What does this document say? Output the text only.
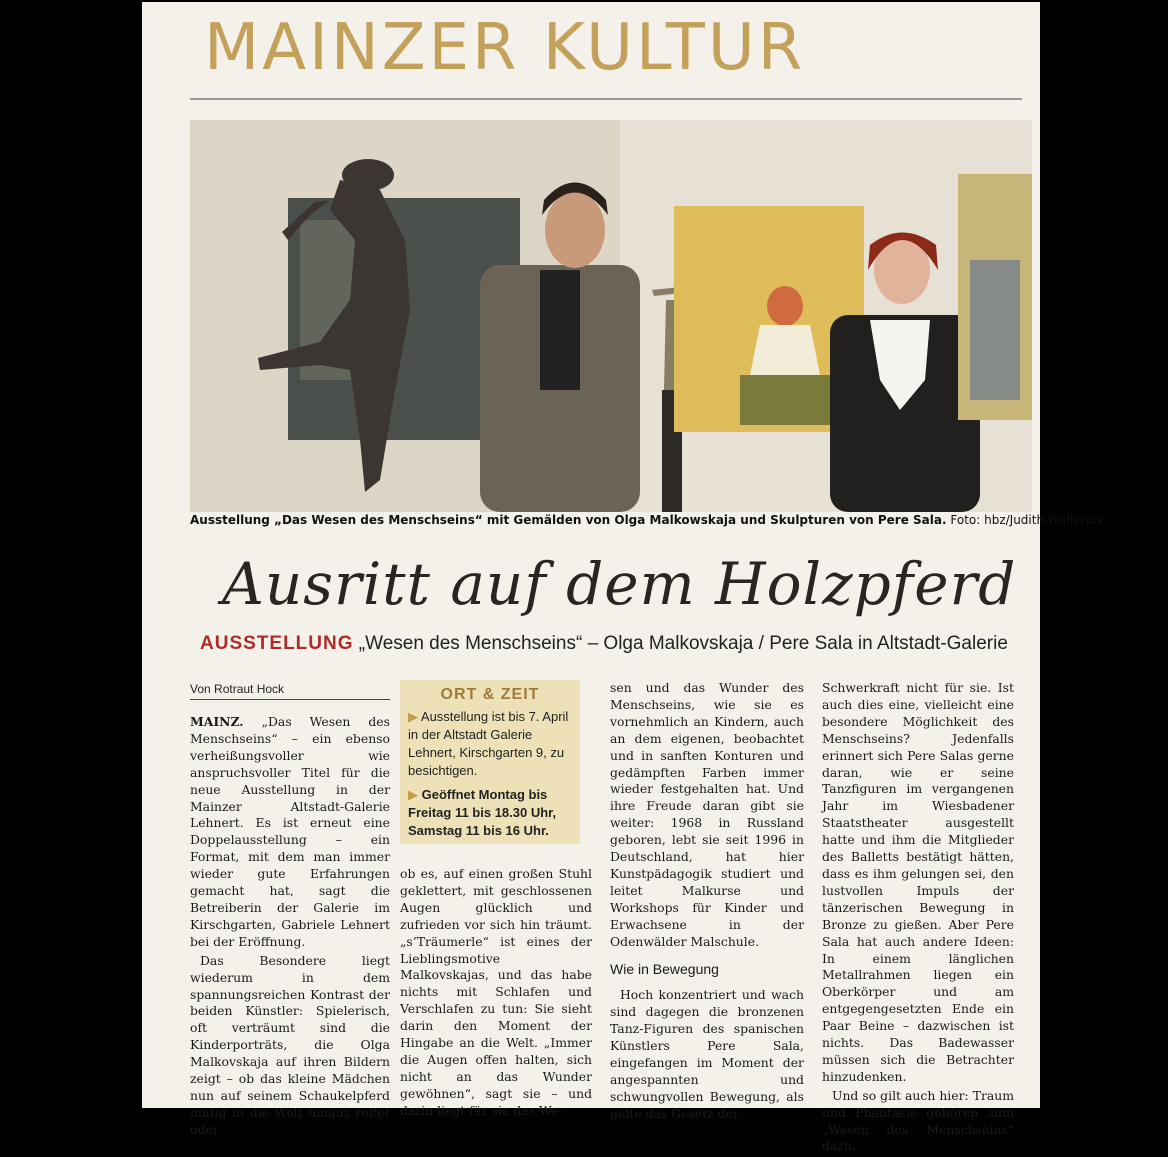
MAINZER KULTUR
Ausstellung „Das Wesen des Menschseins“ mit Gemälden von Olga Malkowskaja und Skulpturen von Pere Sala. Foto: hbz/Judith Wallerius
Ausritt auf dem Holzpferd
AUSSTELLUNG „Wesen des Menschseins“ – Olga Malkovskaja / Pere Sala in Altstadt-Galerie
Von Rotraut Hock

MAINZ. „Das Wesen des Menschseins“ – ein ebenso verheißungsvoller wie anspruchsvoller Titel für die neue Ausstellung in der Mainzer Altstadt-Galerie Lehnert. Es ist erneut eine Doppelausstellung – ein Format, mit dem man immer wieder gute Erfahrungen gemacht hat, sagt die Betreiberin der Galerie im Kirschgarten, Gabriele Lehnert bei der Eröffnung.

Das Besondere liegt wiederum in dem spannungsreichen Kontrast der beiden Künstler: Spielerisch, oft verträumt sind die Kinderporträts, die Olga Malkovskaja auf ihren Bildern zeigt – ob das kleine Mädchen nun auf seinem Schaukelpferd mutig in die Welt hinaus reitet oder

ORT & ZEIT
▶ Ausstellung ist bis 7. April in der Altstadt Galerie Lehnert, Kirschgarten 9, zu besichtigen.
▶ Geöffnet Montag bis Freitag 11 bis 18.30 Uhr, Samstag 11 bis 16 Uhr.

ob es, auf einen großen Stuhl geklettert, mit geschlossenen Augen glücklich und zufrieden vor sich hin träumt. „s’Träumerle“ ist eines der Lieblingsmotive Malkovskajas, und das habe nichts mit Schlafen und Verschlafen zu tun: Sie sieht darin den Moment der Hingabe an die Welt. „Immer die Augen offen halten, sich nicht an das Wunder gewöhnen“, sagt sie – und darin liegt für sie das We-

sen und das Wunder des Menschseins, wie sie es vornehmlich an Kindern, auch an dem eigenen, beobachtet und in sanften Konturen und gedämpften Farben immer wieder festgehalten hat. Und ihre Freude daran gibt sie weiter: 1968 in Russland geboren, lebt sie seit 1996 in Deutschland, hat hier Kunstpädagogik studiert und leitet Malkurse und Workshops für Kinder und Erwachsene in der Odenwälder Malschule.

Wie in Bewegung

Hoch konzentriert und wach sind dagegen die bronzenen Tanz-Figuren des spanischen Künstlers Pere Sala, eingefangen im Moment der angespannten und schwungvollen Bewegung, als gelte das Gesetz der

Schwerkraft nicht für sie. Ist auch dies eine, vielleicht eine besondere Möglichkeit des Menschseins? Jedenfalls erinnert sich Pere Salas gerne daran, wie er seine Tanzfiguren im vergangenen Jahr im Wiesbadener Staatstheater ausgestellt hatte und ihm die Mitglieder des Balletts bestätigt hätten, dass es ihm gelungen sei, den lustvollen Impuls der tänzerischen Bewegung in Bronze zu gießen. Aber Pere Sala hat auch andere Ideen: In einem länglichen Metallrahmen liegen ein Oberkörper und am entgegengesetzten Ende ein Paar Beine – dazwischen ist nichts. Das Badewasser müssen sich die Betrachter hinzudenken.

Und so gilt auch hier: Traum und Phantasie gehören zum „Wesen des Menschseins“ dazu.
